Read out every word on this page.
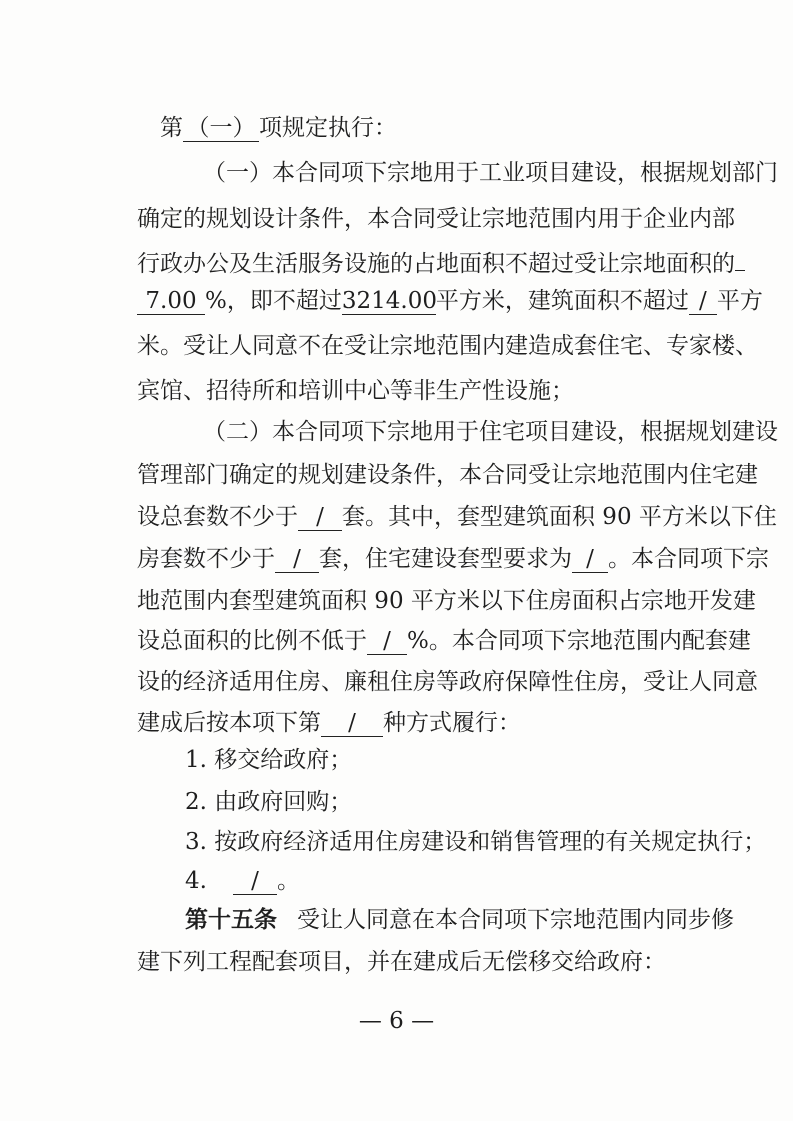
第 （一） 项规定执行：
（一）本合同项下宗地用于工业项目建设，根据规划部门
确定的规划设计条件，本合同受让宗地范围内用于企业内部
行政办公及生活服务设施的占地面积不超过受让宗地面积的
7.00 %，即不超过3214.00平方米，建筑面积不超过 / 平方
米。受让人同意不在受让宗地范围内建造成套住宅、专家楼、
宾馆、招待所和培训中心等非生产性设施；
（二）本合同项下宗地用于住宅项目建设，根据规划建设
管理部门确定的规划建设条件，本合同受让宗地范围内住宅建
设总套数不少于 / 套。其中，套型建筑面积 90 平方米以下住
房套数不少于 / 套，住宅建设套型要求为 / 。本合同项下宗
地范围内套型建筑面积 90 平方米以下住房面积占宗地开发建
设总面积的比例不低于 / %。本合同项下宗地范围内配套建
设的经济适用住房、廉租住房等政府保障性住房，受让人同意
建成后按本项下第 / 种方式履行：
1. 移交给政府；
2. 由政府回购；
3. 按政府经济适用住房建设和销售管理的有关规定执行；
4. / 。
第十五条 受让人同意在本合同项下宗地范围内同步修
建下列工程配套项目，并在建成后无偿移交给政府：
— 6 —
